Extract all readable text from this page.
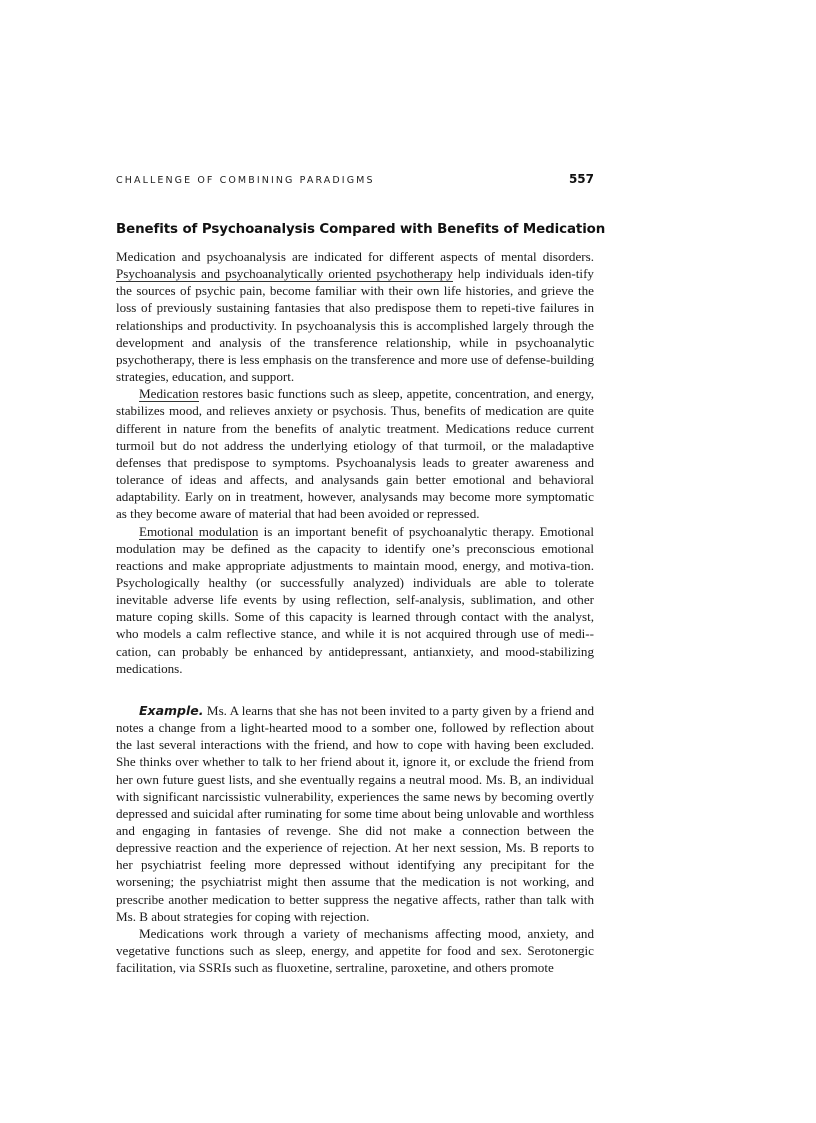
CHALLENGE OF COMBINING PARADIGMS	557
Benefits of Psychoanalysis Compared with Benefits of Medication

Medication and psychoanalysis are indicated for different aspects of mental disorders. Psychoanalysis and psychoanalytically oriented psychotherapy help individuals iden-tify the sources of psychic pain, become familiar with their own life histories, and grieve the loss of previously sustaining fantasies that also predispose them to repeti-tive failures in relationships and productivity. In psychoanalysis this is accomplished largely through the development and analysis of the transference relationship, while in psychoanalytic psychotherapy, there is less emphasis on the transference and more use of defense-building strategies, education, and support.

Medication restores basic functions such as sleep, appetite, concentration, and energy, stabilizes mood, and relieves anxiety or psychosis. Thus, benefits of medication are quite different in nature from the benefits of analytic treatment. Medications reduce current turmoil but do not address the underlying etiology of that turmoil, or the maladaptive defenses that predispose to symptoms. Psychoanalysis leads to greater awareness and tolerance of ideas and affects, and analysands gain better emotional and behavioral adaptability. Early on in treatment, however, analysands may become more symptomatic as they become aware of material that had been avoided or repressed.

Emotional modulation is an important benefit of psychoanalytic therapy. Emotional modulation may be defined as the capacity to identify one’s preconscious emotional reactions and make appropriate adjustments to maintain mood, energy, and motiva-tion. Psychologically healthy (or successfully analyzed) individuals are able to tolerate inevitable adverse life events by using reflection, self-analysis, sublimation, and other mature coping skills. Some of this capacity is learned through contact with the analyst, who models a calm reflective stance, and while it is not acquired through use of medi-cation, can probably be enhanced by antidepressant, antianxiety, and mood-stabilizing medications.

Example. Ms. A learns that she has not been invited to a party given by a friend and notes a change from a light-hearted mood to a somber one, followed by reflection about the last several interactions with the friend, and how to cope with having been excluded. She thinks over whether to talk to her friend about it, ignore it, or exclude the friend from her own future guest lists, and she eventually regains a neutral mood. Ms. B, an individual with significant narcissistic vulnerability, experiences the same news by becoming overtly depressed and suicidal after ruminating for some time about being unlovable and worthless and engaging in fantasies of revenge. She did not make a connection between the depressive reaction and the experience of rejection. At her next session, Ms. B reports to her psychiatrist feeling more depressed without identifying any precipitant for the worsening; the psychiatrist might then assume that the medication is not working, and prescribe another medication to better suppress the negative affects, rather than talk with Ms. B about strategies for coping with rejection.

Medications work through a variety of mechanisms affecting mood, anxiety, and vegetative functions such as sleep, energy, and appetite for food and sex. Serotonergic facilitation, via SSRIs such as fluoxetine, sertraline, paroxetine, and others promote
